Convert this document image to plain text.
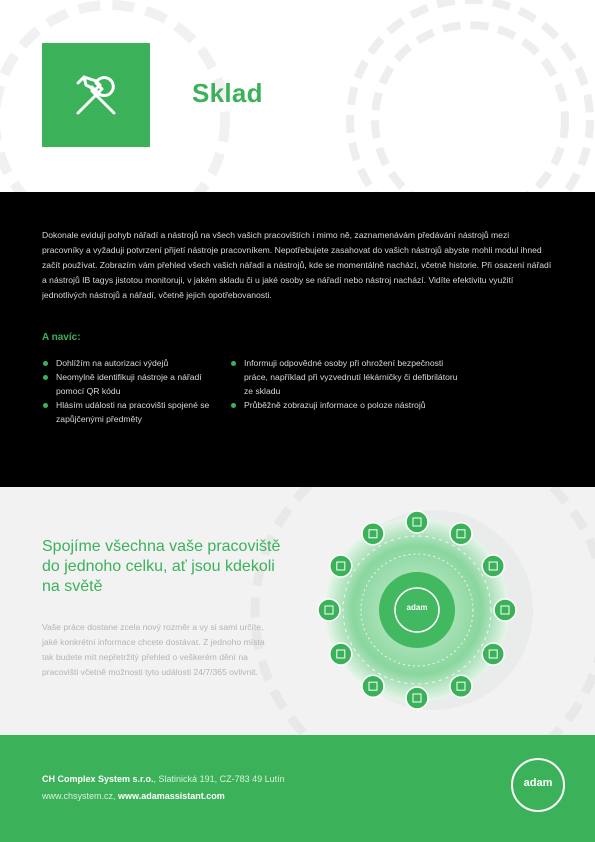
Sklad
Dokonale evidují pohyb nářadí a nástrojů na všech vašich pracovištích i mimo ně, zaznamenávám předávání nástrojů mezi pracovníky a vyžaduji potvrzení přijetí nástroje pracovníkem. Nepotřebujete zasahovat do vašich nástrojů abyste mohli modul ihned začít používat. Zobrazím vám přehled všech vašich nářadí a nástrojů, kde se momentálně nachází, včetně historie. Při osazení nářadí a nástrojů IB tagys jistotou monitoruji, v jakém skladu či u jaké osoby se nářadí nebo nástroj nachází. Vidíte efektivitu využití jednotlivých nástrojů a nářadí, včetně jejich opotřebovanosti.
A navíc:
Dohlížím na autorizaci výdejů
Neomylně identifikuji nástroje a nářadí pomocí QR kódu
Hlásím události na pracovišti spojené se zapůjčenými předměty
Informuji odpovědné osoby při ohrožení bezpečnosti práce, například při vyzvednutí lékárničky či defibrilátoru ze skladu
Průběžně zobrazuji informace o poloze nástrojů
Spojíme všechna vaše pracoviště do jednoho celku, ať jsou kdekoli na světě
Vaše práce dostane zcela nový rozměr a vy si sami určíte, jaké konkrétní informace chcete dostávat. Z jednoho místa tak budete mít nepřetržitý přehled o veškerém dění na pracovišti včetně možnosti tyto události 24/7/365 ovlivnit.
adam
CH Complex System s.r.o., Slatinická 191, CZ-783 49 Lutín
www.chsystem.cz, www.adamassistant.com
adam
